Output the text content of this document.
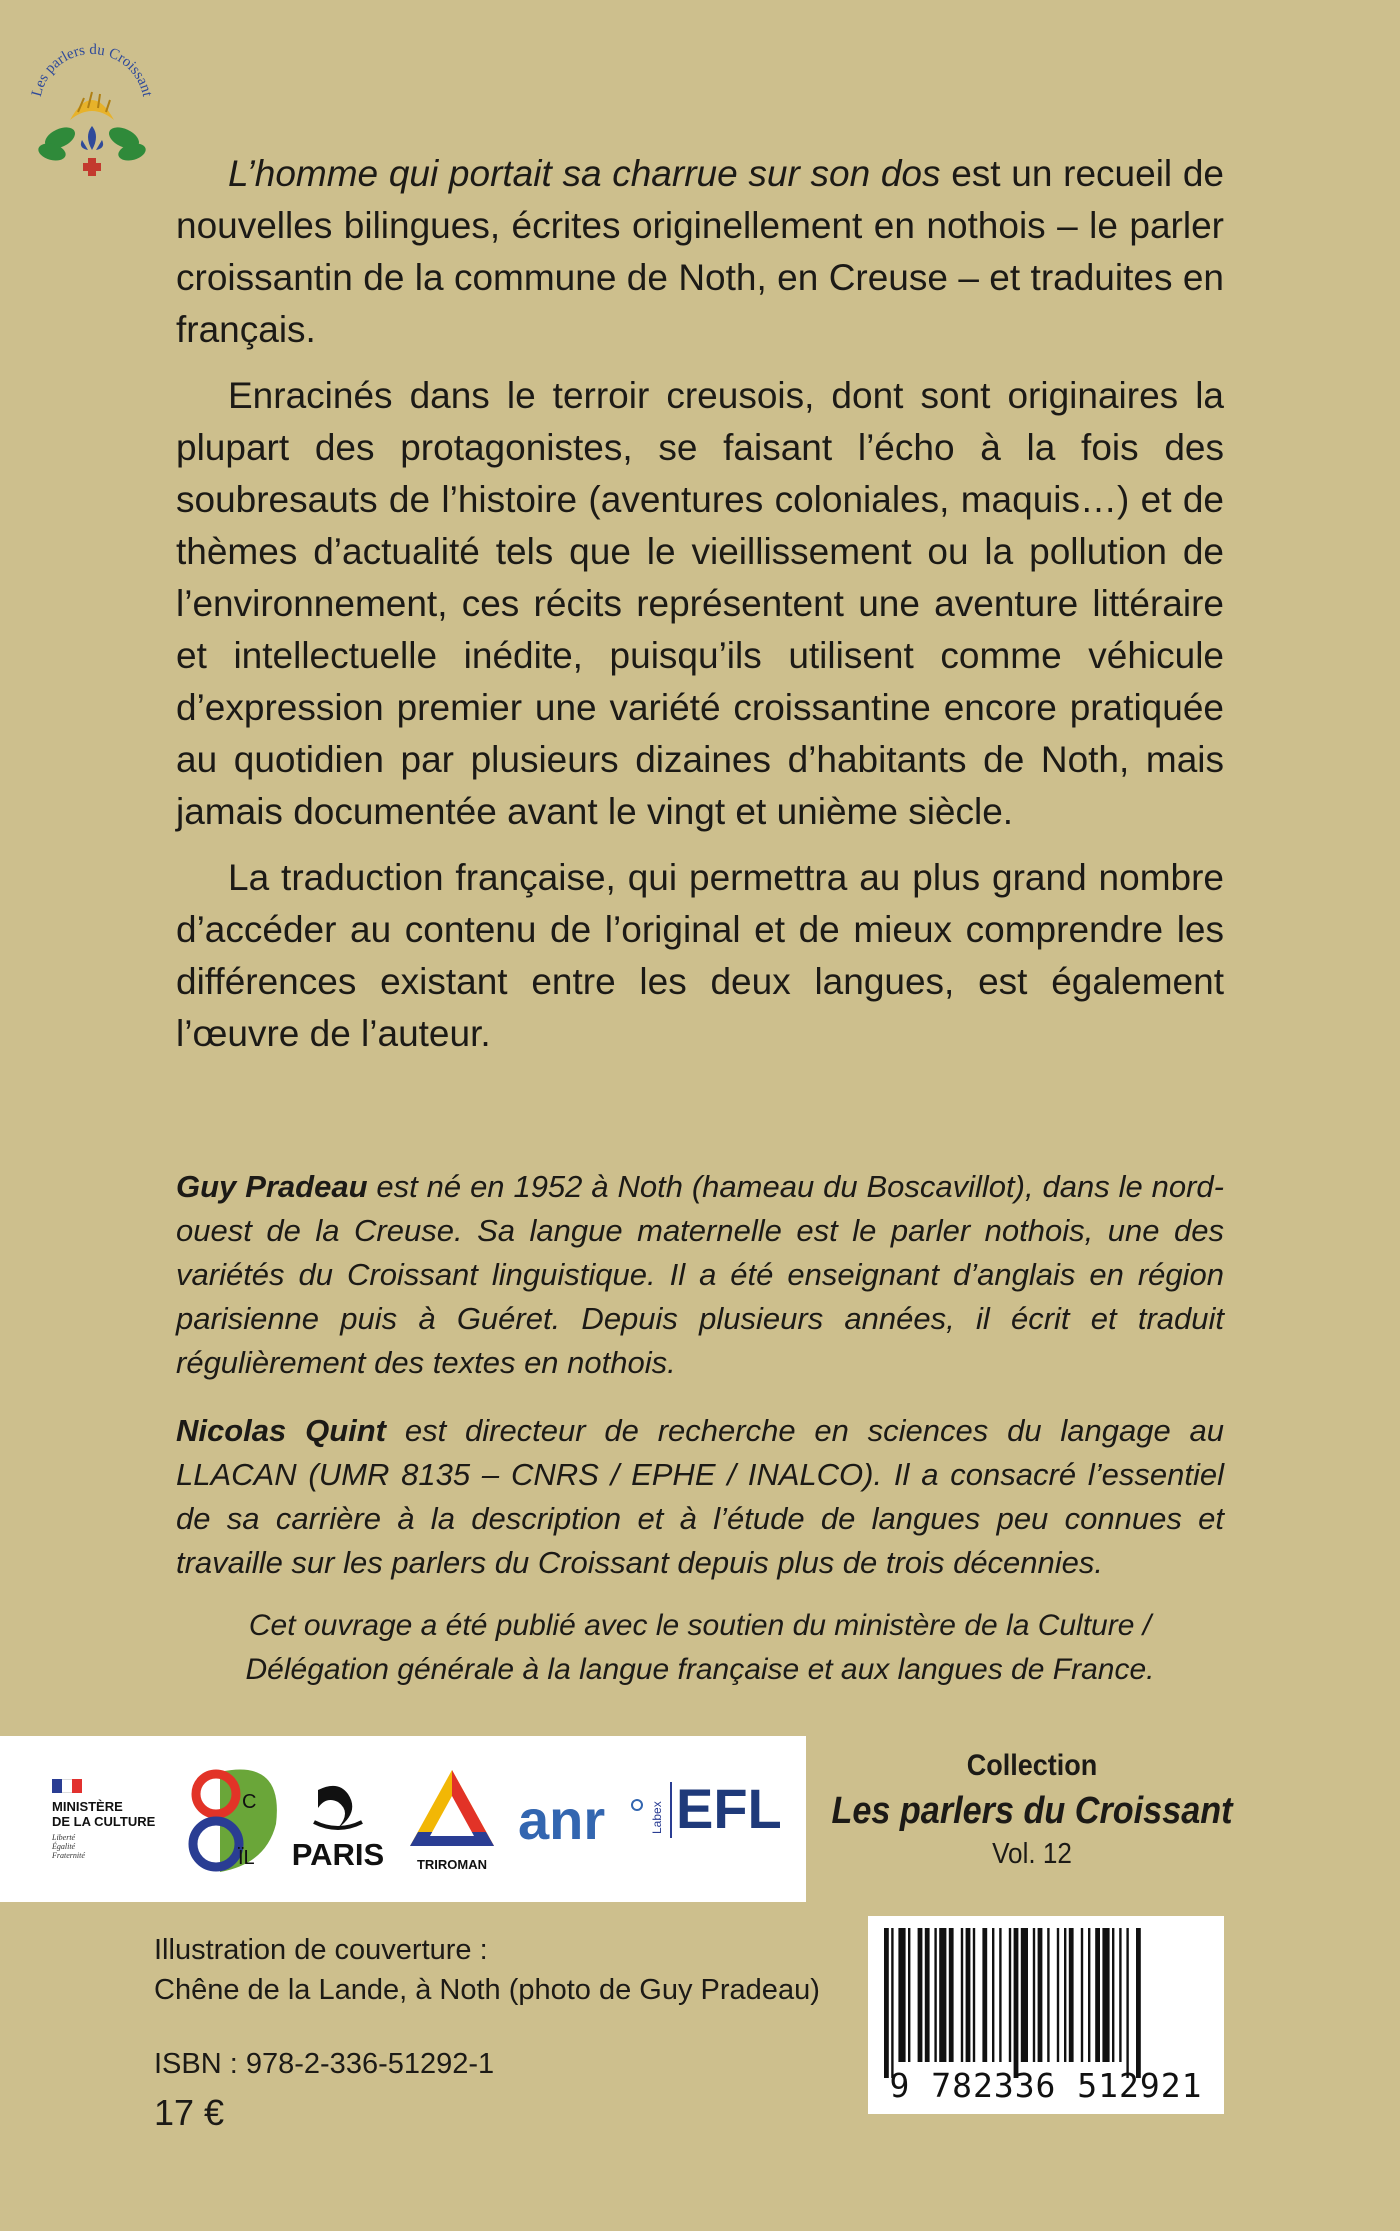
Les parlers du Croissant

L’homme qui portait sa charrue sur son dos est un recueil de nouvelles bilingues, écrites originellement en nothois – le parler croissantin de la commune de Noth, en Creuse – et traduites en français.

Enracinés dans le terroir creusois, dont sont originaires la plupart des protagonistes, se faisant l’écho à la fois des soubresauts de l’histoire (aventures coloniales, maquis…) et de thèmes d’actualité tels que le vieillissement ou la pollution de l’environnement, ces récits représentent une aventure littéraire et intellectuelle inédite, puisqu’ils utilisent comme véhicule d’expression premier une variété croissantine encore pratiquée au quotidien par plusieurs dizaines d’habitants de Noth, mais jamais documentée avant le vingt et unième siècle.

La traduction française, qui permettra au plus grand nombre d’accéder au contenu de l’original et de mieux comprendre les différences existant entre les deux langues, est également l’œuvre de l’auteur.

Guy Pradeau est né en 1952 à Noth (hameau du Boscavillot), dans le nord-ouest de la Creuse. Sa langue maternelle est le parler nothois, une des variétés du Croissant linguistique. Il a été enseignant d’anglais en région parisienne puis à Guéret. Depuis plusieurs années, il écrit et traduit régulièrement des textes en nothois.

Nicolas Quint est directeur de recherche en sciences du langage au LLACAN (UMR 8135 – CNRS / EPHE / INALCO). Il a consacré l’essentiel de sa carrière à la description et à l’étude de langues peu connues et travaille sur les parlers du Croissant depuis plus de trois décennies.

Cet ouvrage a été publié avec le soutien du ministère de la Culture /
Délégation générale à la langue française et aux langues de France.
MINISTÈRE
DE LA CULTURE
Liberté
Égalité
Fraternité
C
ÏL PARIS	TRIROMAN
anr	Labex EFL
Collection
Les parlers du Croissant
Vol. 12
Illustration de couverture :
Chêne de la Lande, à Noth (photo de Guy Pradeau)
ISBN : 978-2-336-51292-1
17 €
9 782336 512921
